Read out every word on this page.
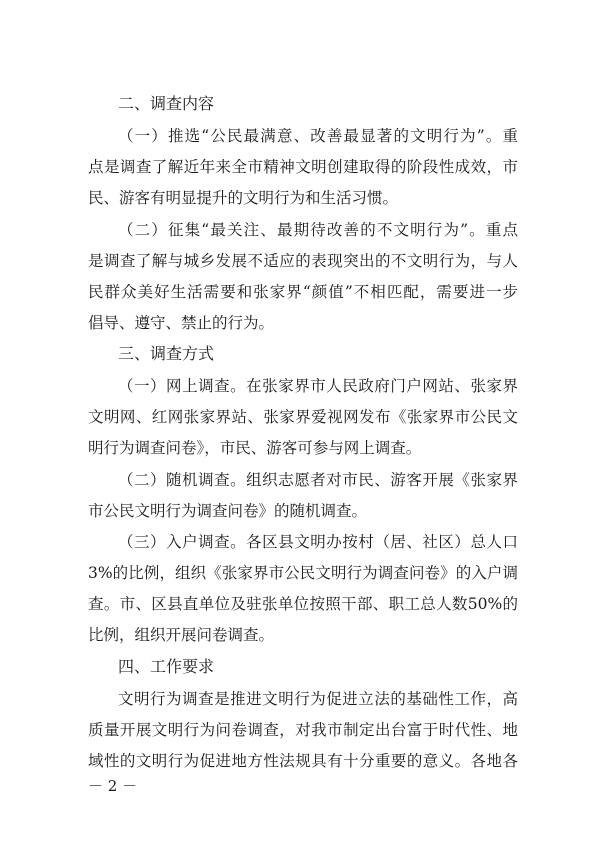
二、调查内容
（一）推选“公民最满意、改善最显著的文明行为”。重
点是调查了解近年来全市精神文明创建取得的阶段性成效，市
民、游客有明显提升的文明行为和生活习惯。
（二）征集“最关注、最期待改善的不文明行为”。重点
是调查了解与城乡发展不适应的表现突出的不文明行为，与人
民群众美好生活需要和张家界“颜值”不相匹配，需要进一步
倡导、遵守、禁止的行为。
三、调查方式
（一）网上调查。在张家界市人民政府门户网站、张家界
文明网、红网张家界站、张家界爱视网发布《张家界市公民文
明行为调查问卷》，市民、游客可参与网上调查。
（二）随机调查。组织志愿者对市民、游客开展《张家界
市公民文明行为调查问卷》的随机调查。
（三）入户调查。各区县文明办按村（居、社区）总人口
3%的比例，组织《张家界市公民文明行为调查问卷》的入户调
查。市、区县直单位及驻张单位按照干部、职工总人数50%的
比例，组织开展问卷调查。
四、工作要求
文明行为调查是推进文明行为促进立法的基础性工作，高
质量开展文明行为问卷调查，对我市制定出台富于时代性、地
域性的文明行为促进地方性法规具有十分重要的意义。各地各
－ 2 －
